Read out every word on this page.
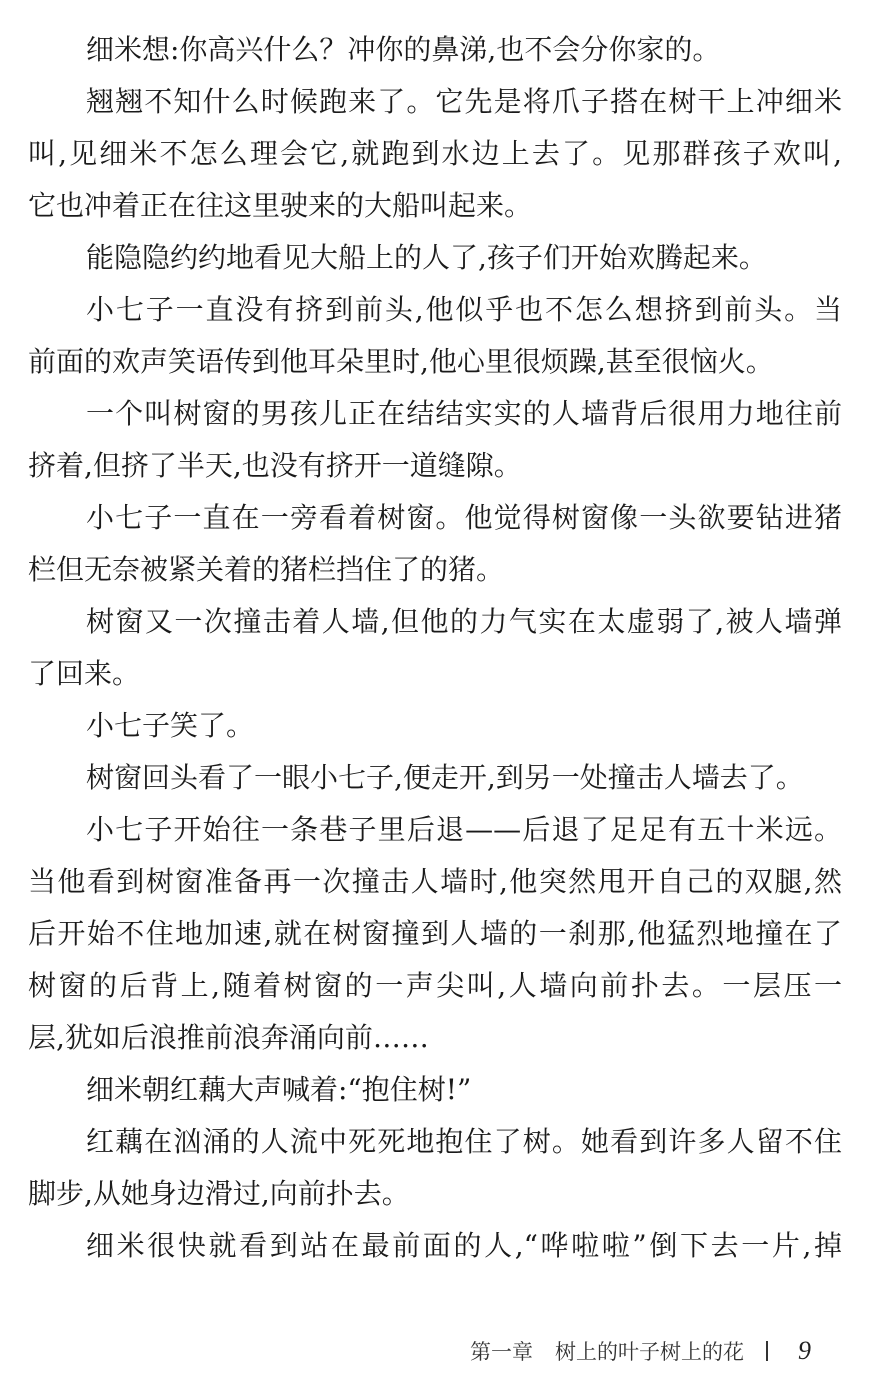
细米想:你高兴什么？冲你的鼻涕,也不会分你家的。
翘翘不知什么时候跑来了。它先是将爪子搭在树干上冲细米
叫,见细米不怎么理会它,就跑到水边上去了。见那群孩子欢叫,
它也冲着正在往这里驶来的大船叫起来。
能隐隐约约地看见大船上的人了,孩子们开始欢腾起来。
小七子一直没有挤到前头,他似乎也不怎么想挤到前头。当
前面的欢声笑语传到他耳朵里时,他心里很烦躁,甚至很恼火。
一个叫树窗的男孩儿正在结结实实的人墙背后很用力地往前
挤着,但挤了半天,也没有挤开一道缝隙。
小七子一直在一旁看着树窗。他觉得树窗像一头欲要钻进猪
栏但无奈被紧关着的猪栏挡住了的猪。
树窗又一次撞击着人墙,但他的力气实在太虚弱了,被人墙弹
了回来。
小七子笑了。
树窗回头看了一眼小七子,便走开,到另一处撞击人墙去了。
小七子开始往一条巷子里后退——后退了足足有五十米远。
当他看到树窗准备再一次撞击人墙时,他突然甩开自己的双腿,然
后开始不住地加速,就在树窗撞到人墙的一刹那,他猛烈地撞在了
树窗的后背上,随着树窗的一声尖叫,人墙向前扑去。一层压一
层,犹如后浪推前浪奔涌向前……
细米朝红藕大声喊着:“抱住树!”
红藕在汹涌的人流中死死地抱住了树。她看到许多人留不住
脚步,从她身边滑过,向前扑去。
细米很快就看到站在最前面的人,“哗啦啦”倒下去一片,掉
第一章 树上的叶子树上的花 9
